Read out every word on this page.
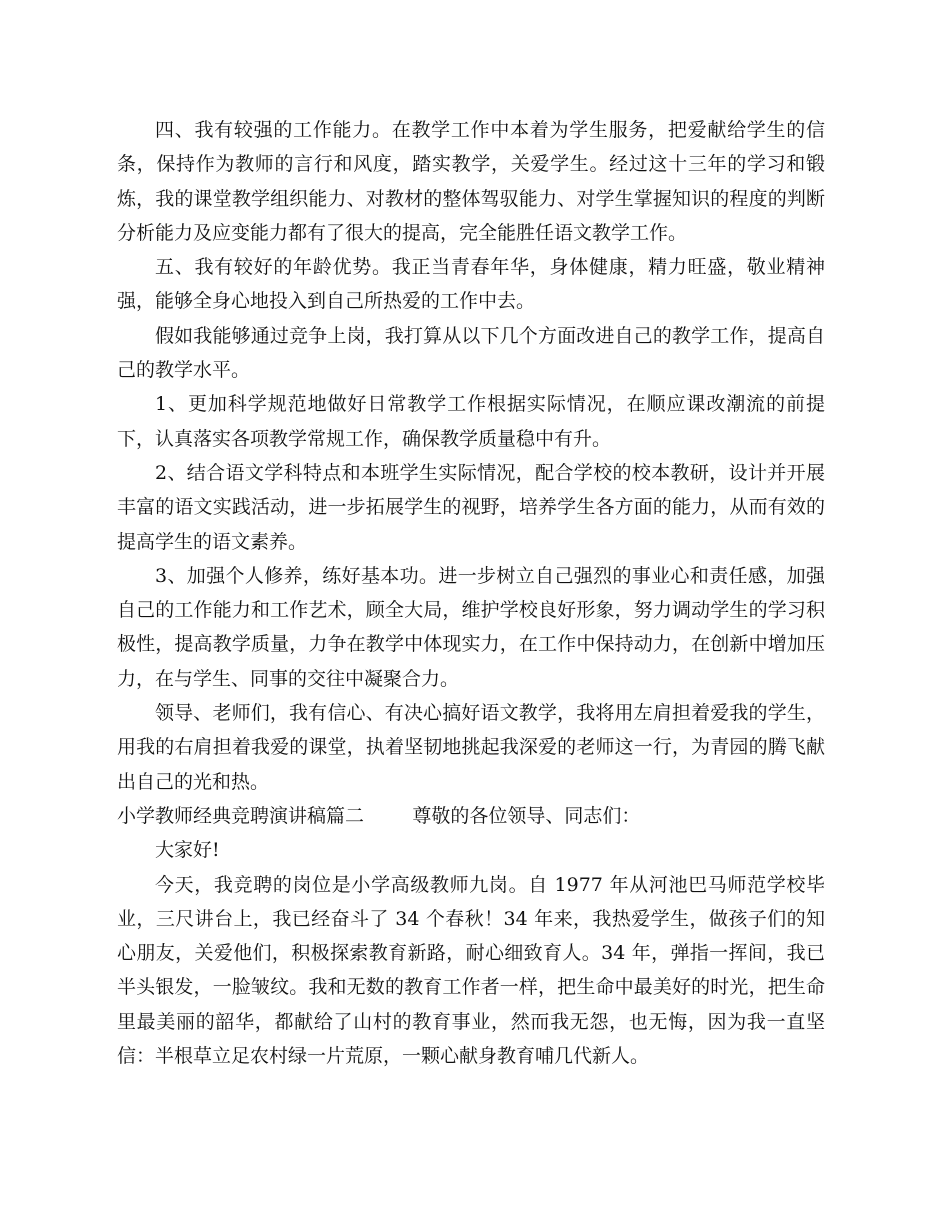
四、我有较强的工作能力。在教学工作中本着为学生服务，把爱献给学生的信条，保持作为教师的言行和风度，踏实教学，关爱学生。经过这十三年的学习和锻炼，我的课堂教学组织能力、对教材的整体驾驭能力、对学生掌握知识的程度的判断分析能力及应变能力都有了很大的提高，完全能胜任语文教学工作。

五、我有较好的年龄优势。我正当青春年华，身体健康，精力旺盛，敬业精神强，能够全身心地投入到自己所热爱的工作中去。

假如我能够通过竞争上岗，我打算从以下几个方面改进自己的教学工作，提高自己的教学水平。

1、更加科学规范地做好日常教学工作根据实际情况，在顺应课改潮流的前提下，认真落实各项教学常规工作，确保教学质量稳中有升。

2、结合语文学科特点和本班学生实际情况，配合学校的校本教研，设计并开展丰富的语文实践活动，进一步拓展学生的视野，培养学生各方面的能力，从而有效的提高学生的语文素养。

3、加强个人修养，练好基本功。进一步树立自己强烈的事业心和责任感，加强自己的工作能力和工作艺术，顾全大局，维护学校良好形象，努力调动学生的学习积极性，提高教学质量，力争在教学中体现实力，在工作中保持动力，在创新中增加压力，在与学生、同事的交往中凝聚合力。

领导、老师们，我有信心、有决心搞好语文教学，我将用左肩担着爱我的学生，用我的右肩担着我爱的课堂，执着坚韧地挑起我深爱的老师这一行，为青园的腾飞献出自己的光和热。

小学教师经典竞聘演讲稿篇二        尊敬的各位领导、同志们：

大家好!

今天，我竞聘的岗位是小学高级教师九岗。自 1977 年从河池巴马师范学校毕业，三尺讲台上，我已经奋斗了 34 个春秋！34 年来，我热爱学生，做孩子们的知心朋友，关爱他们，积极探索教育新路，耐心细致育人。34 年，弹指一挥间，我已半头银发，一脸皱纹。我和无数的教育工作者一样，把生命中最美好的时光，把生命里最美丽的韶华，都献给了山村的教育事业，然而我无怨，也无悔，因为我一直坚信：半根草立足农村绿一片荒原，一颗心献身教育哺几代新人。
